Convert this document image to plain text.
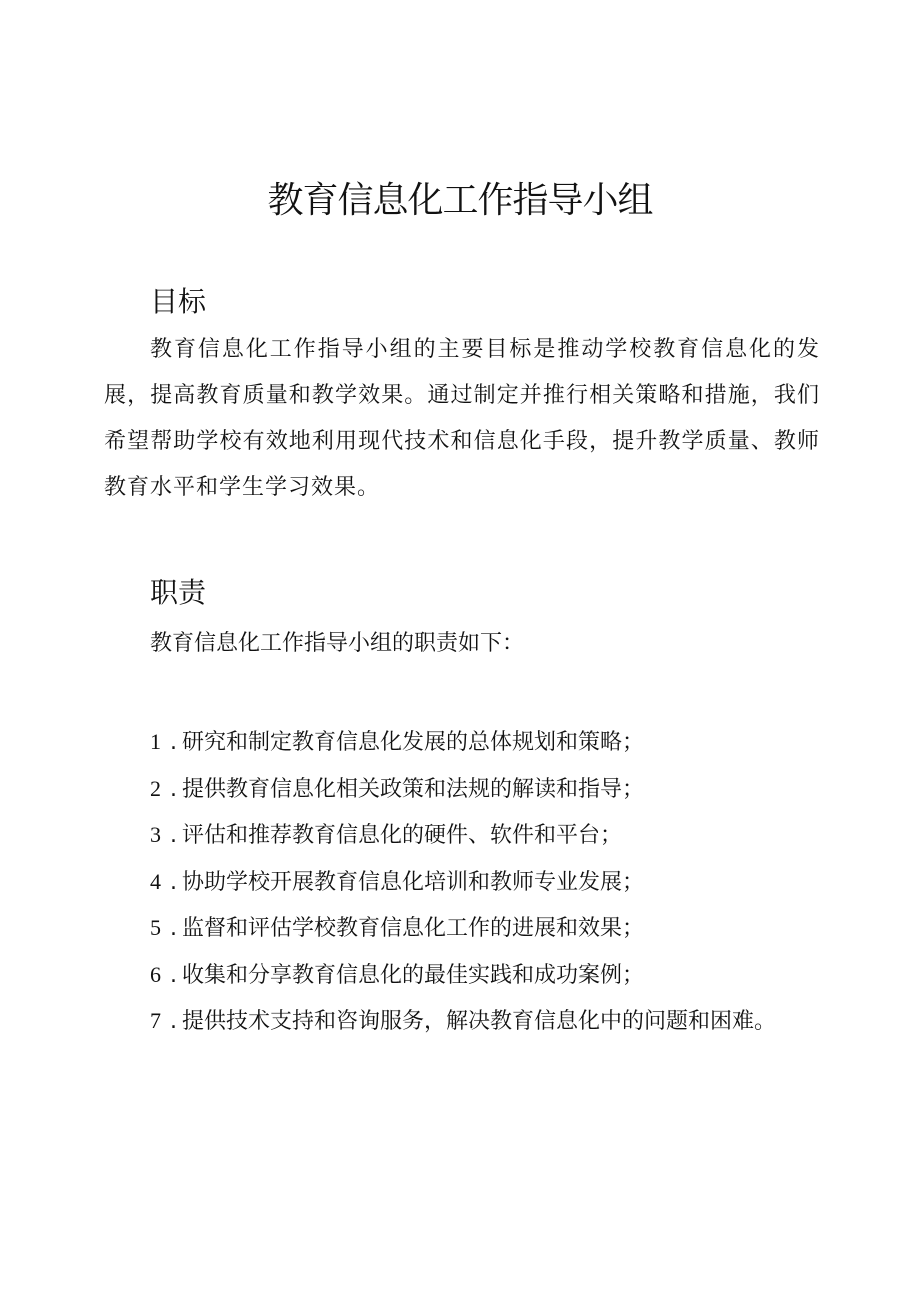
教育信息化工作指导小组
目标

教育信息化工作指导小组的主要目标是推动学校教育信息化的发展，提高教育质量和教学效果。通过制定并推行相关策略和措施，我们希望帮助学校有效地利用现代技术和信息化手段，提升教学质量、教师教育水平和学生学习效果。

职责

教育信息化工作指导小组的职责如下：

1 . 研究和制定教育信息化发展的总体规划和策略；
2 . 提供教育信息化相关政策和法规的解读和指导；
3 . 评估和推荐教育信息化的硬件、软件和平台；
4 . 协助学校开展教育信息化培训和教师专业发展；
5 . 监督和评估学校教育信息化工作的进展和效果；
6 . 收集和分享教育信息化的最佳实践和成功案例；
7 . 提供技术支持和咨询服务，解决教育信息化中的问题和困难。
